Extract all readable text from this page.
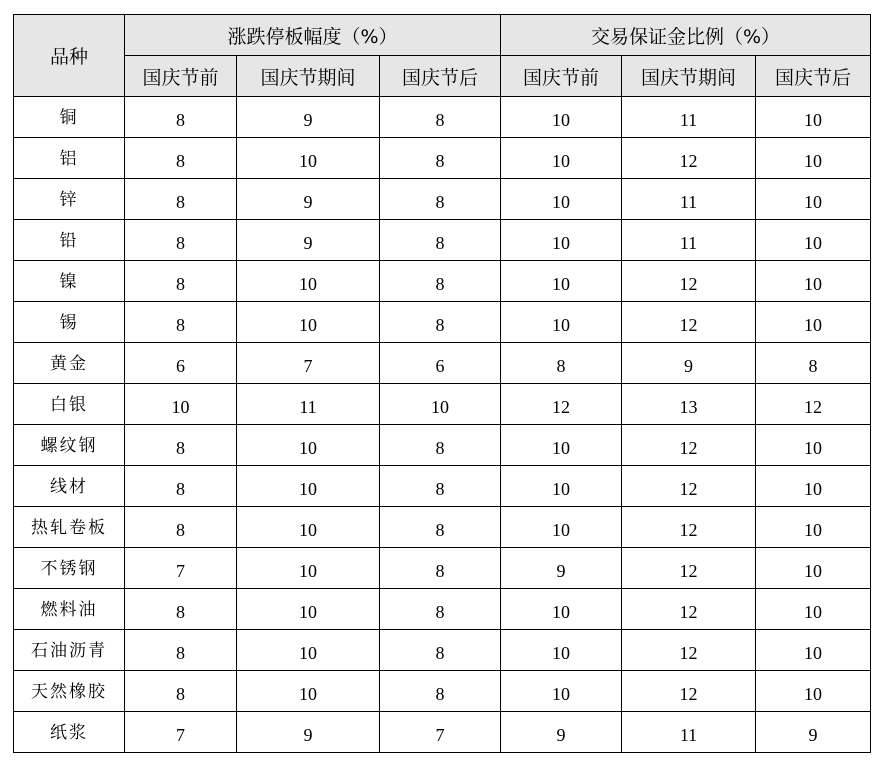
品种	涨跌停板幅度（%）			交易保证金比例（%）		
	国庆节前	国庆节期间	国庆节后	国庆节前	国庆节期间	国庆节后
铜	8	9	8	10	11	10
铝	8	10	8	10	12	10
锌	8	9	8	10	11	10
铅	8	9	8	10	11	10
镍	8	10	8	10	12	10
锡	8	10	8	10	12	10
黄金	6	7	6	8	9	8
白银	10	11	10	12	13	12
螺纹钢	8	10	8	10	12	10
线材	8	10	8	10	12	10
热轧卷板	8	10	8	10	12	10
不锈钢	7	10	8	9	12	10
燃料油	8	10	8	10	12	10
石油沥青	8	10	8	10	12	10
天然橡胶	8	10	8	10	12	10
纸浆	7	9	7	9	11	9
